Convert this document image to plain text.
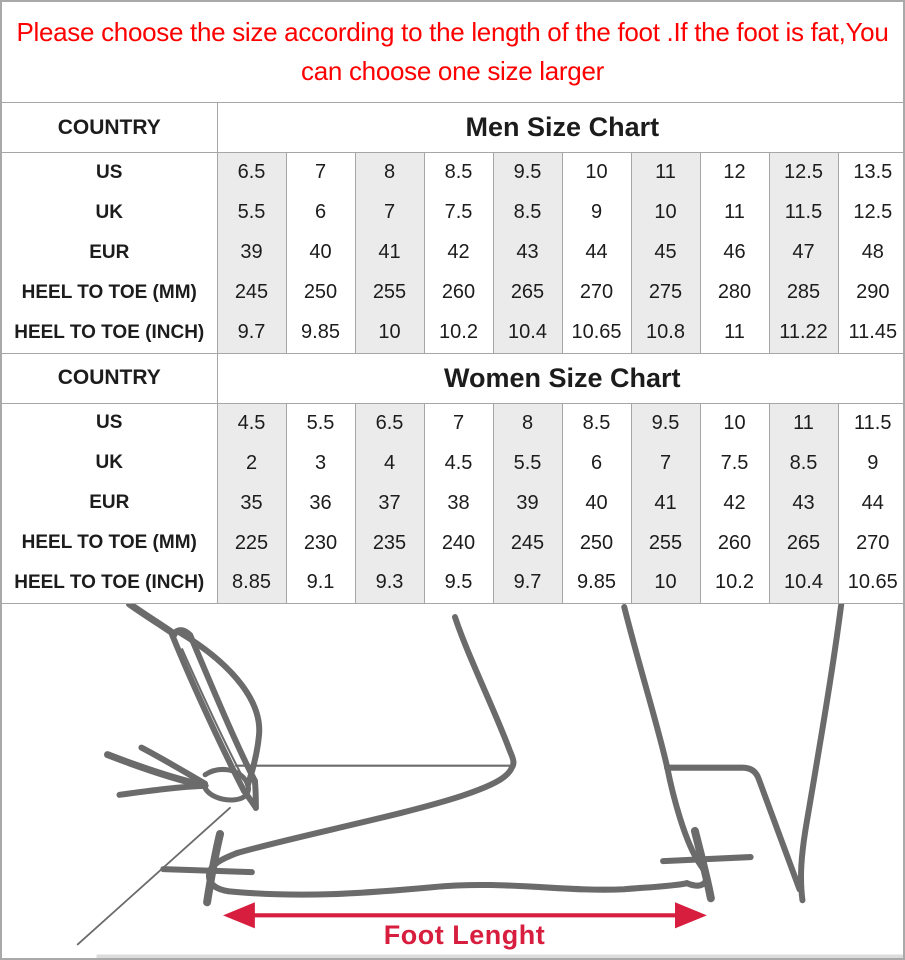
Please choose the size according to the length of the foot .If the foot is fat,You can choose one size larger
COUNTRY	Men Size Chart									
US	6.5	7	8	8.5	9.5	10	11	12	12.5	13.5
UK	5.5	6	7	7.5	8.5	9	10	11	11.5	12.5
EUR	39	40	41	42	43	44	45	46	47	48
HEEL TO TOE (MM)	245	250	255	260	265	270	275	280	285	290
HEEL TO TOE (INCH)	9.7	9.85	10	10.2	10.4	10.65	10.8	11	11.22	11.45
COUNTRY	Women Size Chart									
US	4.5	5.5	6.5	7	8	8.5	9.5	10	11	11.5
UK	2	3	4	4.5	5.5	6	7	7.5	8.5	9
EUR	35	36	37	38	39	40	41	42	43	44
HEEL TO TOE (MM)	225	230	235	240	245	250	255	260	265	270
HEEL TO TOE (INCH)	8.85	9.1	9.3	9.5	9.7	9.85	10	10.2	10.4	10.65
Foot Lenght
